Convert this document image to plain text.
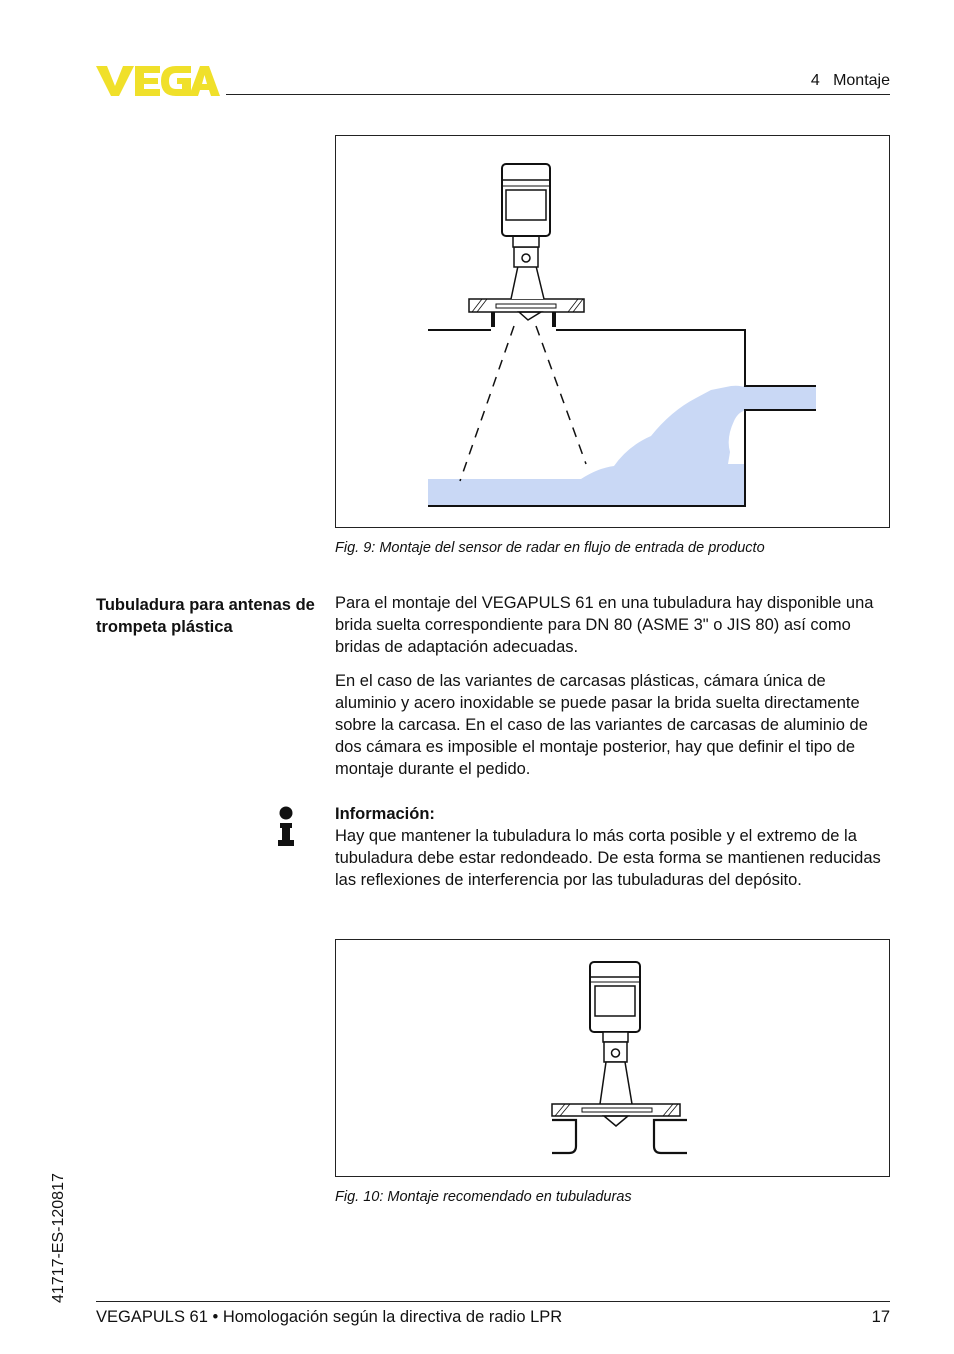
4   Montaje
Fig. 9: Montaje del sensor de radar en flujo de entrada de producto
Tubuladura para antenas de trompeta plástica
Para el montaje del VEGAPULS 61 en una tubuladura hay disponible una brida suelta correspondiente para DN 80 (ASME 3" o JIS 80) así como bridas de adaptación adecuadas.
En el caso de las variantes de carcasas plásticas, cámara única de aluminio y acero inoxidable se puede pasar la brida suelta directamente sobre la carcasa. En el caso de las variantes de carcasas de aluminio de dos cámara es imposible el montaje posterior, hay que definir el tipo de montaje durante el pedido.
Información:
Hay que mantener la tubuladura lo más corta posible y el extremo de la tubuladura debe estar redondeado. De esta forma se mantienen reducidas las reflexiones de interferencia por las tubuladuras del depósito.
Fig. 10: Montaje recomendado en tubuladuras
41717-ES-120817
VEGAPULS 61 • Homologación según la directiva de radio LPR	17
